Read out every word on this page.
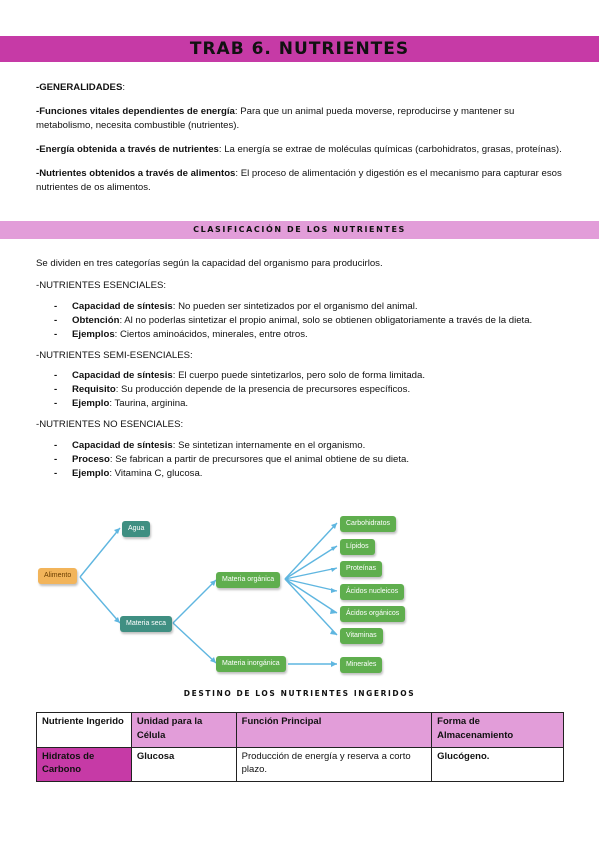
TRAB 6. NUTRIENTES

-GENERALIDADES:

-Funciones vitales dependientes de energía: Para que un animal pueda moverse, reproducirse y mantener su metabolismo, necesita combustible (nutrientes).

-Energía obtenida a través de nutrientes: La energía se extrae de moléculas químicas (carbohidratos, grasas, proteínas).

-Nutrientes obtenidos a través de alimentos: El proceso de alimentación y digestión es el mecanismo para capturar esos nutrientes de os alimentos.

CLASIFICACIÓN DE LOS NUTRIENTES

Se dividen en tres categorías según la capacidad del organismo para producirlos.

-NUTRIENTES ESENCIALES:

- Capacidad de síntesis: No pueden ser sintetizados por el organismo del animal.
- Obtención: Al no poderlas sintetizar el propio animal, solo se obtienen obligatoriamente a través de la dieta.
- Ejemplos: Ciertos aminoácidos, minerales, entre otros.

-NUTRIENTES SEMI-ESENCIALES:

- Capacidad de síntesis: El cuerpo puede sintetizarlos, pero solo de forma limitada.
- Requisito: Su producción depende de la presencia de precursores específicos.
- Ejemplo: Taurina, arginina.

-NUTRIENTES NO ESENCIALES:

- Capacidad de síntesis: Se sintetizan internamente en el organismo.
- Proceso: Se fabrican a partir de precursores que el animal obtiene de su dieta.
- Ejemplo: Vitamina C, glucosa.
Alimento
Agua
Materia seca
Materia orgánica
Materia inorgánica
Carbohidratos
Lípidos
Proteínas
Ácidos nucleicos
Ácidos orgánicos
Vitaminas
Minerales
DESTINO DE LOS NUTRIENTES INGERIDOS
Nutriente Ingerido	Unidad para la Célula	Función Principal	Forma de Almacenamiento
Hidratos de Carbono	Glucosa	Producción de energía y reserva a corto plazo.	Glucógeno.
